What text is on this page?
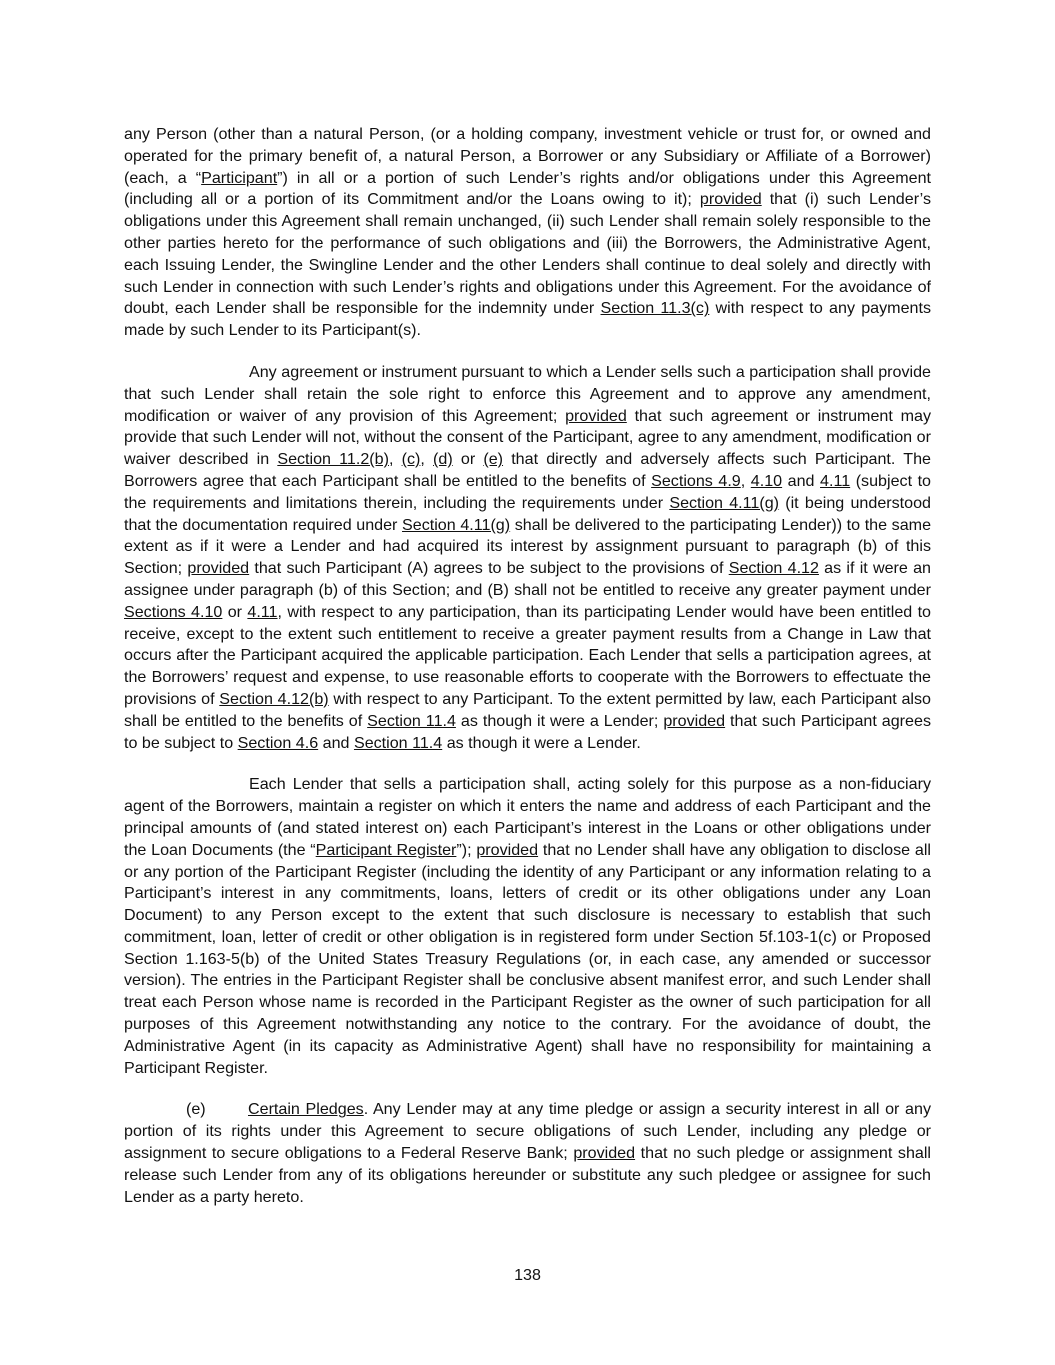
any Person (other than a natural Person, (or a holding company, investment vehicle or trust for, or owned and operated for the primary benefit of, a natural Person, a Borrower or any Subsidiary or Affiliate of a Borrower) (each, a “Participant”) in all or a portion of such Lender’s rights and/or obligations under this Agreement (including all or a portion of its Commitment and/or the Loans owing to it); provided that (i) such Lender’s obligations under this Agreement shall remain unchanged, (ii) such Lender shall remain solely responsible to the other parties hereto for the performance of such obligations and (iii) the Borrowers, the Administrative Agent, each Issuing Lender, the Swingline Lender and the other Lenders shall continue to deal solely and directly with such Lender in connection with such Lender’s rights and obligations under this Agreement. For the avoidance of doubt, each Lender shall be responsible for the indemnity under Section 11.3(c) with respect to any payments made by such Lender to its Participant(s).

Any agreement or instrument pursuant to which a Lender sells such a participation shall provide that such Lender shall retain the sole right to enforce this Agreement and to approve any amendment, modification or waiver of any provision of this Agreement; provided that such agreement or instrument may provide that such Lender will not, without the consent of the Participant, agree to any amendment, modification or waiver described in Section 11.2(b), (c), (d) or (e) that directly and adversely affects such Participant. The Borrowers agree that each Participant shall be entitled to the benefits of Sections 4.9, 4.10 and 4.11 (subject to the requirements and limitations therein, including the requirements under Section 4.11(g) (it being understood that the documentation required under Section 4.11(g) shall be delivered to the participating Lender)) to the same extent as if it were a Lender and had acquired its interest by assignment pursuant to paragraph (b) of this Section; provided that such Participant (A) agrees to be subject to the provisions of Section 4.12 as if it were an assignee under paragraph (b) of this Section; and (B) shall not be entitled to receive any greater payment under Sections 4.10 or 4.11, with respect to any participation, than its participating Lender would have been entitled to receive, except to the extent such entitlement to receive a greater payment results from a Change in Law that occurs after the Participant acquired the applicable participation. Each Lender that sells a participation agrees, at the Borrowers’ request and expense, to use reasonable efforts to cooperate with the Borrowers to effectuate the provisions of Section 4.12(b) with respect to any Participant. To the extent permitted by law, each Participant also shall be entitled to the benefits of Section 11.4 as though it were a Lender; provided that such Participant agrees to be subject to Section 4.6 and Section 11.4 as though it were a Lender.

Each Lender that sells a participation shall, acting solely for this purpose as a non-fiduciary agent of the Borrowers, maintain a register on which it enters the name and address of each Participant and the principal amounts of (and stated interest on) each Participant’s interest in the Loans or other obligations under the Loan Documents (the “Participant Register”); provided that no Lender shall have any obligation to disclose all or any portion of the Participant Register (including the identity of any Participant or any information relating to a Participant’s interest in any commitments, loans, letters of credit or its other obligations under any Loan Document) to any Person except to the extent that such disclosure is necessary to establish that such commitment, loan, letter of credit or other obligation is in registered form under Section 5f.103-1(c) or Proposed Section 1.163-5(b) of the United States Treasury Regulations (or, in each case, any amended or successor version). The entries in the Participant Register shall be conclusive absent manifest error, and such Lender shall treat each Person whose name is recorded in the Participant Register as the owner of such participation for all purposes of this Agreement notwithstanding any notice to the contrary. For the avoidance of doubt, the Administrative Agent (in its capacity as Administrative Agent) shall have no responsibility for maintaining a Participant Register.

(e)	Certain Pledges. Any Lender may at any time pledge or assign a security interest in all or any portion of its rights under this Agreement to secure obligations of such Lender, including any pledge or assignment to secure obligations to a Federal Reserve Bank; provided that no such pledge or assignment shall release such Lender from any of its obligations hereunder or substitute any such pledgee or assignee for such Lender as a party hereto.

138
